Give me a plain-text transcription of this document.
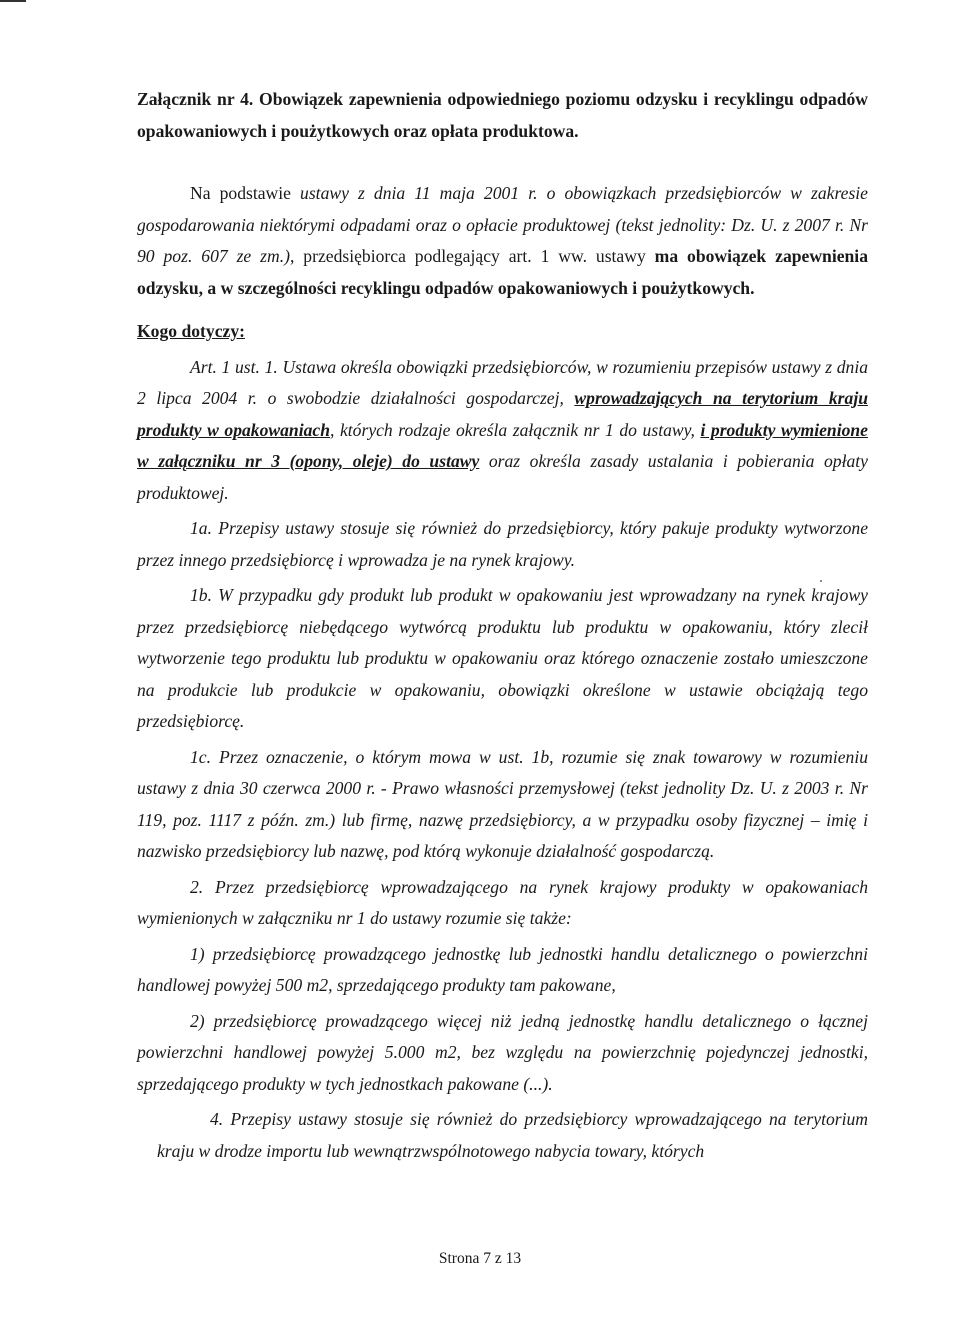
Załącznik nr 4. Obowiązek zapewnienia odpowiedniego poziomu odzysku i recyklingu odpadów opakowaniowych i poużytkowych oraz opłata produktowa.

Na podstawie ustawy z dnia 11 maja 2001 r. o obowiązkach przedsiębiorców w zakresie gospodarowania niektórymi odpadami oraz o opłacie produktowej (tekst jednolity: Dz. U. z 2007 r. Nr 90 poz. 607 ze zm.), przedsiębiorca podlegający art. 1 ww. ustawy ma obowiązek zapewnienia odzysku, a w szczególności recyklingu odpadów opakowaniowych i poużytkowych.

Kogo dotyczy:

Art. 1 ust. 1. Ustawa określa obowiązki przedsiębiorców, w rozumieniu przepisów ustawy z dnia 2 lipca 2004 r. o swobodzie działalności gospodarczej, wprowadzających na terytorium kraju produkty w opakowaniach, których rodzaje określa załącznik nr 1 do ustawy, i produkty wymienione w załączniku nr 3 (opony, oleje) do ustawy oraz określa zasady ustalania i pobierania opłaty produktowej.

1a. Przepisy ustawy stosuje się również do przedsiębiorcy, który pakuje produkty wytworzone przez innego przedsiębiorcę i wprowadza je na rynek krajowy.

1b. W przypadku gdy produkt lub produkt w opakowaniu jest wprowadzany na rynek krajowy przez przedsiębiorcę niebędącego wytwórcą produktu lub produktu w opakowaniu, który zlecił wytworzenie tego produktu lub produktu w opakowaniu oraz którego oznaczenie zostało umieszczone na produkcie lub produkcie w opakowaniu, obowiązki określone w ustawie obciążają tego przedsiębiorcę.

1c. Przez oznaczenie, o którym mowa w ust. 1b, rozumie się znak towarowy w rozumieniu ustawy z dnia 30 czerwca 2000 r. - Prawo własności przemysłowej (tekst jednolity Dz. U. z 2003 r. Nr 119, poz. 1117 z późn. zm.) lub firmę, nazwę przedsiębiorcy, a w przypadku osoby fizycznej – imię i nazwisko przedsiębiorcy lub nazwę, pod którą wykonuje działalność gospodarczą.

2. Przez przedsiębiorcę wprowadzającego na rynek krajowy produkty w opakowaniach wymienionych w załączniku nr 1 do ustawy rozumie się także:

1) przedsiębiorcę prowadzącego jednostkę lub jednostki handlu detalicznego o powierzchni handlowej powyżej 500 m2, sprzedającego produkty tam pakowane,

2) przedsiębiorcę prowadzącego więcej niż jedną jednostkę handlu detalicznego o łącznej powierzchni handlowej powyżej 5.000 m2, bez względu na powierzchnię pojedynczej jednostki, sprzedającego produkty w tych jednostkach pakowane (...).

4. Przepisy ustawy stosuje się również do przedsiębiorcy wprowadzającego na terytorium kraju w drodze importu lub wewnątrzwspólnotowego nabycia towary, których

Strona 7 z 13
